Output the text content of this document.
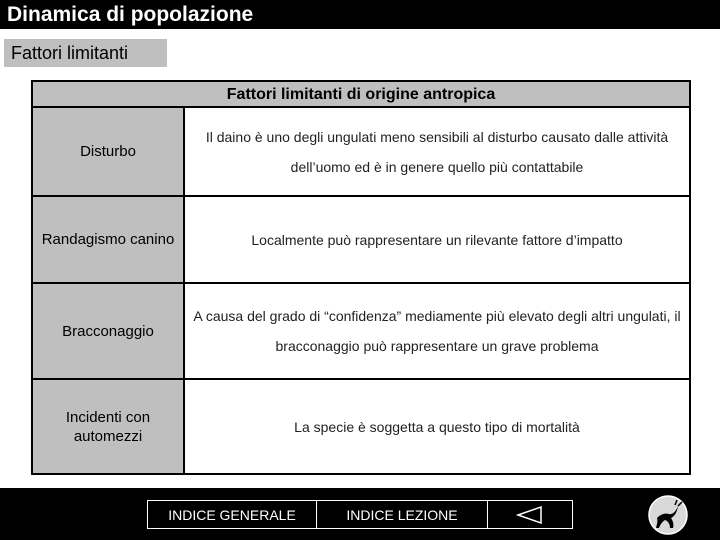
Dinamica di popolazione
Fattori limitanti
Fattori limitanti di origine antropica
Disturbo
Il daino è uno degli ungulati meno sensibili al disturbo causato dalle attività dell’uomo ed è in genere quello più contattabile
Randagismo canino	Localmente può rappresentare un rilevante fattore d’impatto
Bracconaggio
A causa del grado di “confidenza” mediamente più elevato degli altri ungulati, il bracconaggio può rappresentare un grave problema
Incidenti con automezzi
La specie è soggetta a questo tipo di mortalità
INDICE GENERALE	INDICE LEZIONE
